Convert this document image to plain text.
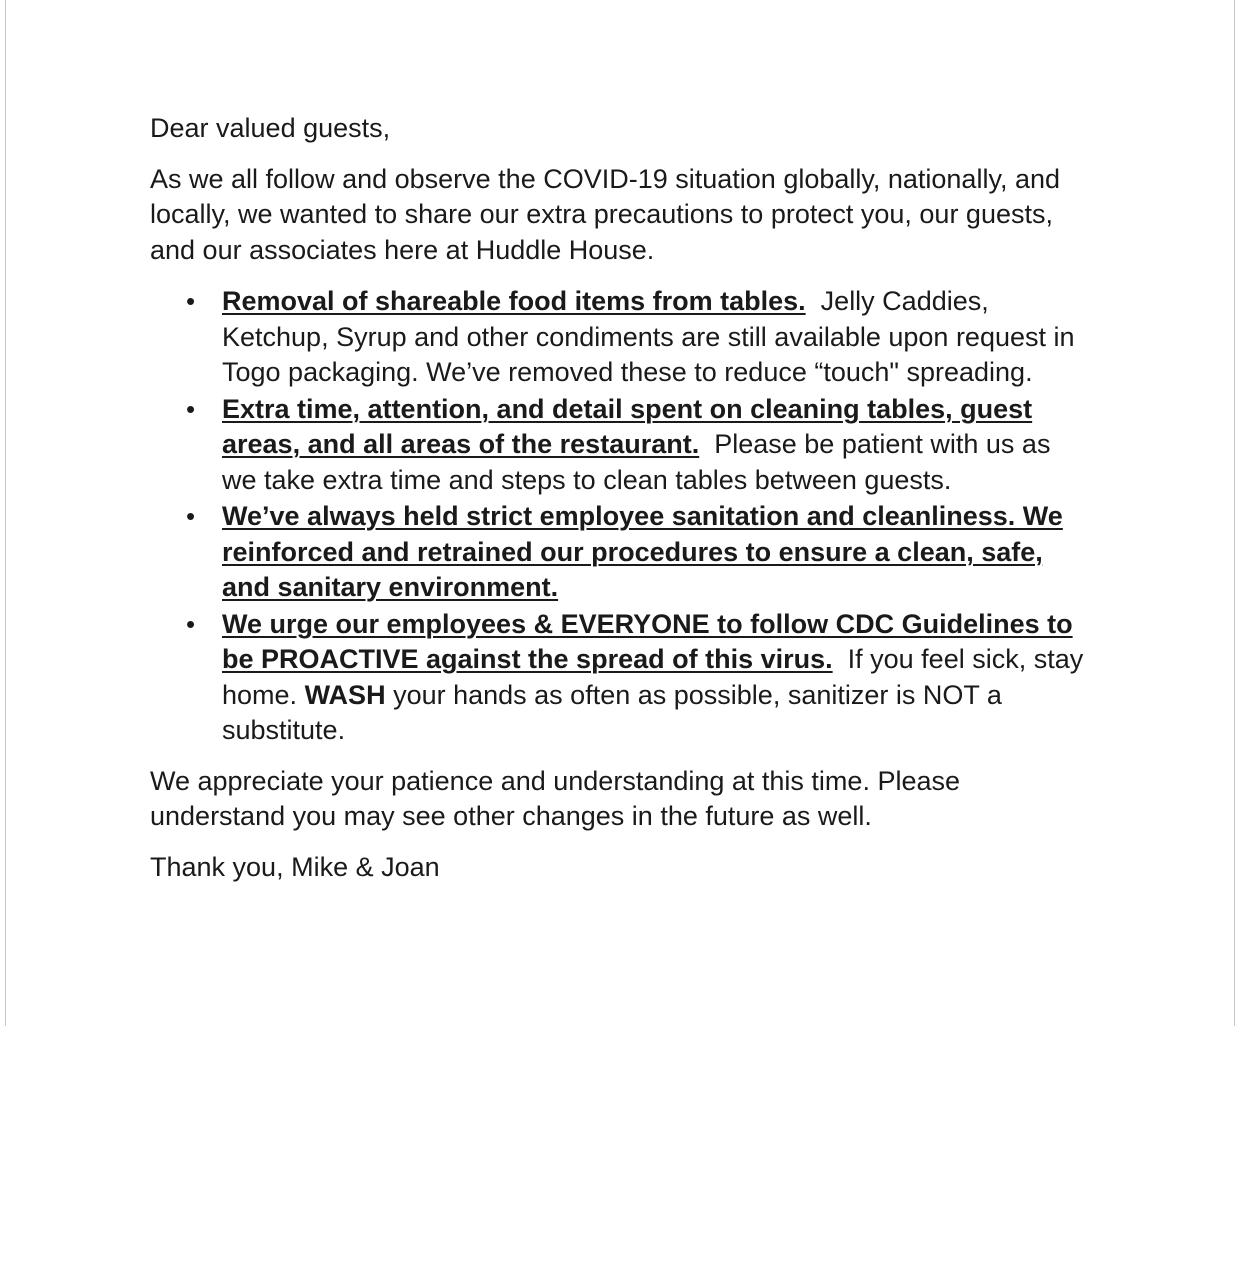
Dear valued guests,

As we all follow and observe the COVID-19 situation globally, nationally, and locally, we wanted to share our extra precautions to protect you, our guests, and our associates here at Huddle House.

• Removal of shareable food items from tables. Jelly Caddies, Ketchup, Syrup and other condiments are still available upon request in Togo packaging. We’ve removed these to reduce “touch" spreading.
• Extra time, attention, and detail spent on cleaning tables, guest areas, and all areas of the restaurant. Please be patient with us as we take extra time and steps to clean tables between guests.
• We’ve always held strict employee sanitation and cleanliness. We reinforced and retrained our procedures to ensure a clean, safe, and sanitary environment.
• We urge our employees & EVERYONE to follow CDC Guidelines to be PROACTIVE against the spread of this virus. If you feel sick, stay home. WASH your hands as often as possible, sanitizer is NOT a substitute.

We appreciate your patience and understanding at this time. Please understand you may see other changes in the future as well.

Thank you, Mike & Joan
